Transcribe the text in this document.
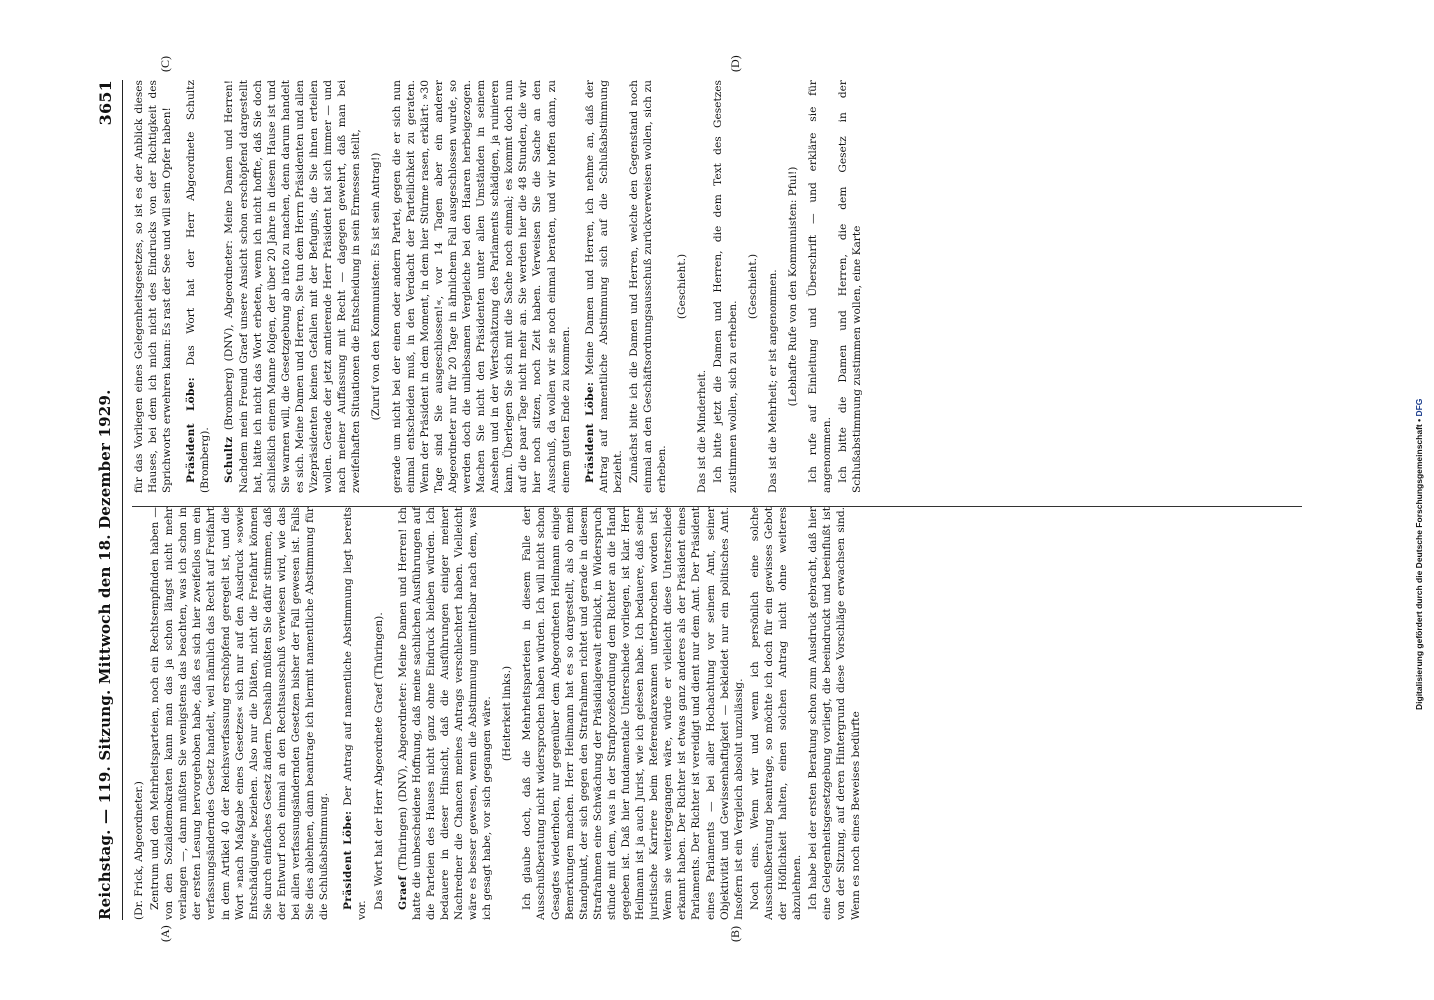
Reichstag. — 119. Sitzung. Mittwoch den 18. Dezember 1929.
3651

(Dr. Frick, Abgeordneter.) Zentrum und den Mehrheitsparteien, noch ein Rechtsempfinden haben — von den Sozialdemokraten kann man das ja schon längst nicht mehr verlangen —, dann müßten Sie wenigstens das beachten, was ich schon in der ersten Lesung hervorgehoben habe, daß es sich hier zweifellos um ein verfassungsänderndes Gesetz handelt, weil nämlich das Recht auf Freifahrt in dem Artikel 40 der Reichsverfassung erschöpfend geregelt ist, und die Wort »nach Maßgabe eines Gesetzes« sich nur auf den Ausdruck »sowie Entschädigung« beziehen. Also nur die Diäten, nicht die Freifahrt können Sie durch einfaches Gesetz ändern. Deshalb müßten Sie dafür stimmen, daß der Entwurf noch einmal an den Rechtsausschuß verwiesen wird, wie das bei allen verfassungsändernden Gesetzen bisher der Fall gewesen ist. Falls Sie dies ablehnen, dann beantrage ich hiermit namentliche Abstimmung für die Schlußabstimmung. Präsident Löbe: Der Antrag auf namentliche Abstimmung liegt bereits vor.

Das Wort hat der Herr Abgeordnete Graef (Thüringen). Graef (Thüringen) (DNV), Abgeordneter: Meine Damen und Herren! Ich hatte die unbescheidene Hoffnung, daß meine sachlichen Ausführungen auf die Parteien des Hauses nicht ganz ohne Eindruck bleiben würden. Ich bedauere in dieser Hinsicht, daß die Ausführungen einiger meiner Nachredner die Chancen meines Antrags verschlechtert haben. Vielleicht wäre es besser gewesen, wenn die Abstimmung unmittelbar nach dem, was ich gesagt habe, vor sich gegangen wäre. (Heiterkeit links.) Ich glaube doch, daß die Mehrheitsparteien in diesem Falle der Ausschußberatung nicht widersprochen haben würden. Ich will nicht schon Gesagtes wiederholen, nur gegenüber dem Abgeordneten Heilmann einige Bemerkungen machen. Herr Heilmann hat es so dargestellt, als ob mein Standpunkt, der sich gegen den Strafrahmen richtet und gerade in diesem Strafrahmen eine Schwächung der Präsidialgewalt erblickt, in Widerspruch stünde mit dem, was in der Strafprozeßordnung dem Richter an die Hand gegeben ist. Daß hier fundamentale Unterschiede vorliegen, ist klar. Herr Heilmann ist ja auch Jurist, wie ich gelesen habe. Ich bedauere, daß seine juristische Karriere beim Referendarexamen unterbrochen worden ist. Wenn sie weitergegangen wäre, würde er vielleicht diese Unterschiede erkannt haben. Der Richter ist etwas ganz anderes als der Präsident eines Parlaments. Der Richter ist vereidigt und dient nur dem Amt. Der Präsident eines Parlaments — bei aller Hochachtung vor seinem Amt, seiner Objektivität und Gewissenhaftigkeit — bekleidet nur ein politisches Amt. Insofern ist ein Vergleich absolut unzulässig. Noch eins. Wenn wir und wenn ich persönlich eine solche Ausschußberatung beantrage, so möchte ich doch für ein gewisses Gebot der Höflichkeit halten, einen solchen Antrag nicht ohne weiteres abzulehnen. Ich habe bei der ersten Beratung schon zum Ausdruck gebracht, daß hier eine Gelegenheitsgesetzgebung vorliegt, die beeindruckt und beeinflußt ist von der Sitzung, auf deren Hintergrund diese Vorschläge erwachsen sind. Wenn es noch eines Beweises bedürfte

für das Vorliegen eines Gelegenheitsgesetzes, so ist es der Anblick dieses Hauses, bei dem ich mich nicht des Eindrucks von der Richtigkeit des Sprichworts erwehren kann: Es rast der See und will sein Opfer haben! Präsident Löbe: Das Wort hat der Herr Abgeordnete Schultz (Bromberg). Schultz (Bromberg) (DNV), Abgeordneter: Meine Damen und Herren! Nachdem mein Freund Graef unsere Ansicht schon erschöpfend dargestellt hat, hätte ich nicht das Wort erbeten, wenn ich nicht hoffte, daß Sie doch schließlich einem Manne folgen, der über 20 Jahre in diesem Hause ist und Sie warnen will, die Gesetzgebung ab irato zu machen, denn darum handelt es sich. Meine Damen und Herren, Sie tun dem Herrn Präsidenten und allen Vizepräsidenten keinen Gefallen mit der Befugnis, die Sie ihnen erteilen wollen. Gerade der jetzt amtierende Herr Präsident hat sich immer — und nach meiner Auffassung mit Recht — dagegen gewehrt, daß man bei zweifelhaften Situationen die Entscheidung in sein Ermessen stellt, (Zuruf von den Kommunisten: Es ist sein Antrag!) gerade um nicht bei der einen oder andern Partei, gegen die er sich nun einmal entscheiden muß, in den Verdacht der Parteilichkeit zu geraten. Wenn der Präsident in dem Moment, in dem hier Stürme rasen, erklärt: »30 Tage sind Sie ausgeschlossen!«, vor 14 Tagen aber ein anderer Abgeordneter nur für 20 Tage in ähnlichem Fall ausgeschlossen wurde, so werden doch die unliebsamen Vergleiche bei den Haaren herbeigezogen. Machen Sie nicht den Präsidenten unter allen Umständen in seinem Ansehen und in der Wertschätzung des Parlaments schädigen, ja ruinieren kann. Überlegen Sie sich mit die Sache noch einmal; es kommt doch nun auf die paar Tage nicht mehr an. Sie werden hier die 48 Stunden, die wir hier noch sitzen, noch Zeit haben. Verweisen Sie die Sache an den Ausschuß, da wollen wir sie noch einmal beraten, und wir hoffen dann, zu einem guten Ende zu kommen. Präsident Löbe: Meine Damen und Herren, ich nehme an, daß der Antrag auf namentliche Abstimmung sich auf die Schlußabstimmung bezieht. Zunächst bitte ich die Damen und Herren, welche den Gegenstand noch einmal an den Geschäftsordnungsausschuß zurückverweisen wollen, sich zu erheben.

(Geschieht.)

Das ist die Minderheit. Ich bitte jetzt die Damen und Herren, die dem Text des Gesetzes zustimmen wollen, sich zu erheben.

(Geschieht.) Das ist die Mehrheit; er ist angenommen. (Lebhafte Rufe von den Kommunisten: Pfui!) Ich rufe auf Einleitung und Überschrift — und erkläre sie für angenommen. Ich bitte die Damen und Herren, die dem Gesetz in der Schlußabstimmung zustimmen wollen, eine Karte

(A)	(B)
(C)	(D)
Digitalisierung gefördert durch die Deutsche Forschungsgemeinschaft • DFG
